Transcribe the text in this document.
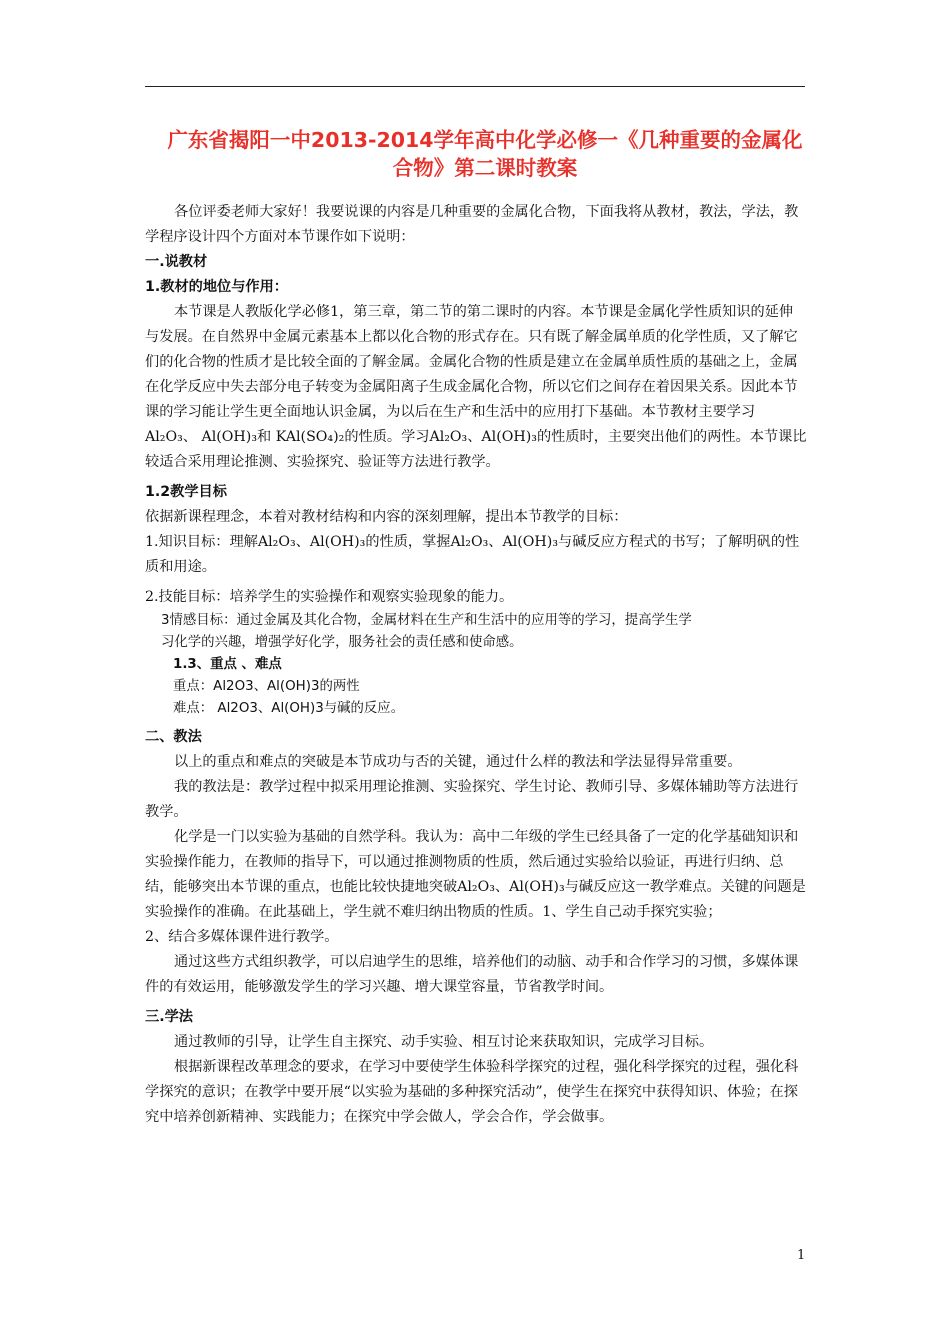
广东省揭阳一中2013-2014学年高中化学必修一《几种重要的金属化合物》第二课时教案

各位评委老师大家好！我要说课的内容是几种重要的金属化合物，下面我将从教材，教法，学法，教学程序设计四个方面对本节课作如下说明：

一.说教材

1.教材的地位与作用：

本节课是人教版化学必修1，第三章，第二节的第二课时的内容。本节课是金属化学性质知识的延伸与发展。在自然界中金属元素基本上都以化合物的形式存在。只有既了解金属单质的化学性质，又了解它们的化合物的性质才是比较全面的了解金属。金属化合物的性质是建立在金属单质性质的基础之上，金属在化学反应中失去部分电子转变为金属阳离子生成金属化合物，所以它们之间存在着因果关系。因此本节课的学习能让学生更全面地认识金属，为以后在生产和生活中的应用打下基础。本节教材主要学习Al₂O₃、 Al(OH)₃和 KAl(SO₄)₂的性质。学习Al₂O₃、Al(OH)₃的性质时，主要突出他们的两性。本节课比较适合采用理论推测、实验探究、验证等方法进行教学。

1.2教学目标

依据新课程理念，本着对教材结构和内容的深刻理解，提出本节教学的目标：

1.知识目标：理解Al₂O₃、Al(OH)₃的性质，掌握Al₂O₃、Al(OH)₃与碱反应方程式的书写；了解明矾的性质和用途。

2.技能目标：培养学生的实验操作和观察实验现象的能力。

3情感目标：通过金属及其化合物，金属材料在生产和生活中的应用等的学习，提高学生学

习化学的兴趣，增强学好化学，服务社会的责任感和使命感。

1.3、重点 、难点

重点：Al2O3、Al(OH)3的两性

难点： Al2O3、Al(OH)3与碱的反应。

二、教法

以上的重点和难点的突破是本节成功与否的关键，通过什么样的教法和学法显得异常重要。

我的教法是：教学过程中拟采用理论推测、实验探究、学生讨论、教师引导、多媒体辅助等方法进行教学。

化学是一门以实验为基础的自然学科。我认为：高中二年级的学生已经具备了一定的化学基础知识和实验操作能力，在教师的指导下，可以通过推测物质的性质，然后通过实验给以验证，再进行归纳、总结，能够突出本节课的重点，也能比较快捷地突破Al₂O₃、Al(OH)₃与碱反应这一教学难点。关键的问题是实验操作的准确。在此基础上，学生就不难归纳出物质的性质。1、学生自己动手探究实验；

2、结合多媒体课件进行教学。

通过这些方式组织教学，可以启迪学生的思维，培养他们的动脑、动手和合作学习的习惯，多媒体课件的有效运用，能够激发学生的学习兴趣、增大课堂容量，节省教学时间。

三.学法

通过教师的引导，让学生自主探究、动手实验、相互讨论来获取知识，完成学习目标。

根据新课程改革理念的要求，在学习中要使学生体验科学探究的过程，强化科学探究的过程，强化科学探究的意识；在教学中要开展“以实验为基础的多种探究活动”，使学生在探究中获得知识、体验；在探究中培养创新精神、实践能力；在探究中学会做人，学会合作，学会做事。

1
